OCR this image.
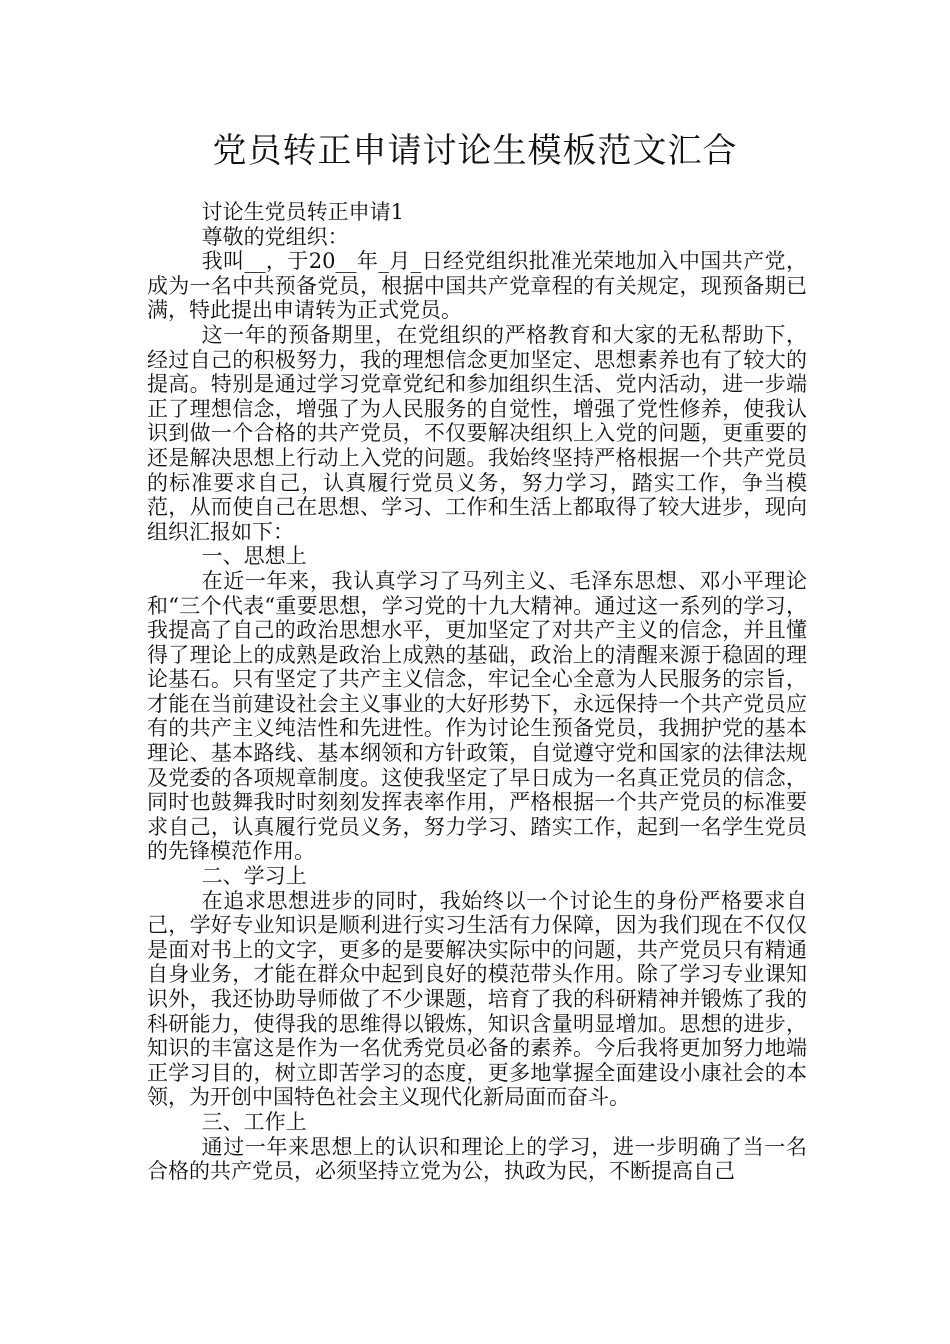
党员转正申请讨论生模板范文汇合

讨论生党员转正申请1

尊敬的党组织：

我叫__，于20__年_月_日经党组织批准光荣地加入中国共产党，成为一名中共预备党员，根据中国共产党章程的有关规定，现预备期已满，特此提出申请转为正式党员。

这一年的预备期里，在党组织的严格教育和大家的无私帮助下，经过自己的积极努力，我的理想信念更加坚定、思想素养也有了较大的提高。特别是通过学习党章党纪和参加组织生活、党内活动，进一步端正了理想信念，增强了为人民服务的自觉性，增强了党性修养，使我认识到做一个合格的共产党员，不仅要解决组织上入党的问题，更重要的还是解决思想上行动上入党的问题。我始终坚持严格根据一个共产党员的标准要求自己，认真履行党员义务，努力学习，踏实工作，争当模范，从而使自己在思想、学习、工作和生活上都取得了较大进步，现向组织汇报如下：

一、思想上

在近一年来，我认真学习了马列主义、毛泽东思想、邓小平理论和“三个代表“重要思想，学习党的十九大精神。通过这一系列的学习，我提高了自己的政治思想水平，更加坚定了对共产主义的信念，并且懂得了理论上的成熟是政治上成熟的基础，政治上的清醒来源于稳固的理论基石。只有坚定了共产主义信念，牢记全心全意为人民服务的宗旨，才能在当前建设社会主义事业的大好形势下，永远保持一个共产党员应有的共产主义纯洁性和先进性。作为讨论生预备党员，我拥护党的基本理论、基本路线、基本纲领和方针政策，自觉遵守党和国家的法律法规及党委的各项规章制度。这使我坚定了早日成为一名真正党员的信念，同时也鼓舞我时时刻刻发挥表率作用，严格根据一个共产党员的标准要求自己，认真履行党员义务，努力学习、踏实工作，起到一名学生党员的先锋模范作用。

二、学习上

在追求思想进步的同时，我始终以一个讨论生的身份严格要求自己，学好专业知识是顺利进行实习生活有力保障，因为我们现在不仅仅是面对书上的文字，更多的是要解决实际中的问题，共产党员只有精通自身业务，才能在群众中起到良好的模范带头作用。除了学习专业课知识外，我还协助导师做了不少课题，培育了我的科研精神并锻炼了我的科研能力，使得我的思维得以锻炼，知识含量明显增加。思想的进步，知识的丰富这是作为一名优秀党员必备的素养。今后我将更加努力地端正学习目的，树立即苦学习的态度，更多地掌握全面建设小康社会的本领，为开创中国特色社会主义现代化新局面而奋斗。

三、工作上

通过一年来思想上的认识和理论上的学习，进一步明确了当一名合格的共产党员，必须坚持立党为公，执政为民，不断提高自己
